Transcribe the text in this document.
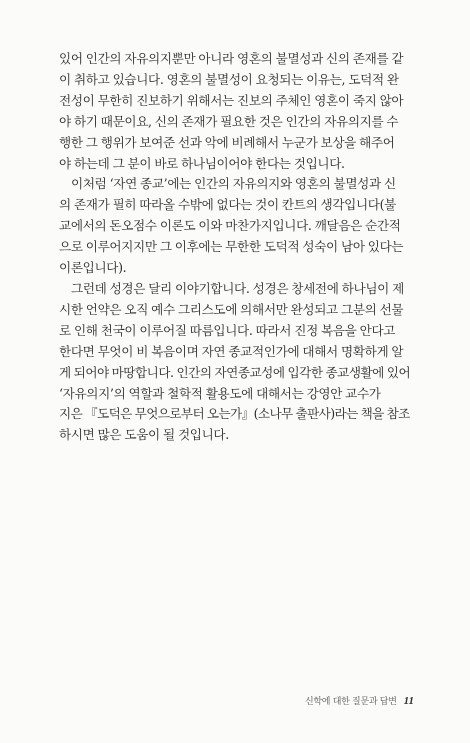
있어 인간의 자유의지뿐만 아니라 영혼의 불멸성과 신의 존재를 같
이 취하고 있습니다. 영혼의 불멸성이 요청되는 이유는, 도덕적 완
전성이 무한히 진보하기 위해서는 진보의 주체인 영혼이 죽지 않아
야 하기 때문이요, 신의 존재가 필요한 것은 인간의 자유의지를 수
행한 그 행위가 보여준 선과 악에 비례해서 누군가 보상을 해주어
야 하는데 그 분이 바로 하나님이어야 한다는 것입니다.

이처럼 ‘자연 종교’에는 인간의 자유의지와 영혼의 불멸성과 신
의 존재가 필히 따라올 수밖에 없다는 것이 칸트의 생각입니다(불
교에서의 돈오점수 이론도 이와 마찬가지입니다. 깨달음은 순간적
으로 이루어지지만 그 이후에는 무한한 도덕적 성숙이 남아 있다는
이론입니다).

그런데 성경은 달리 이야기합니다. 성경은 창세전에 하나님이 제
시한 언약은 오직 예수 그리스도에 의해서만 완성되고 그분의 선물
로 인해 천국이 이루어질 따름입니다. 따라서 진정 복음을 안다고
한다면 무엇이 비 복음이며 자연 종교적인가에 대해서 명확하게 알
게 되어야 마땅합니다. 인간의 자연종교성에 입각한 종교생활에 있어
‘자유의지’의 역할과 철학적 활용도에 대해서는 강영안 교수가
지은 『도덕은 무엇으로부터 오는가』(소나무 출판사)라는 책을 참조
하시면 많은 도움이 될 것입니다.

신학에 대한 질문과 답변 11
